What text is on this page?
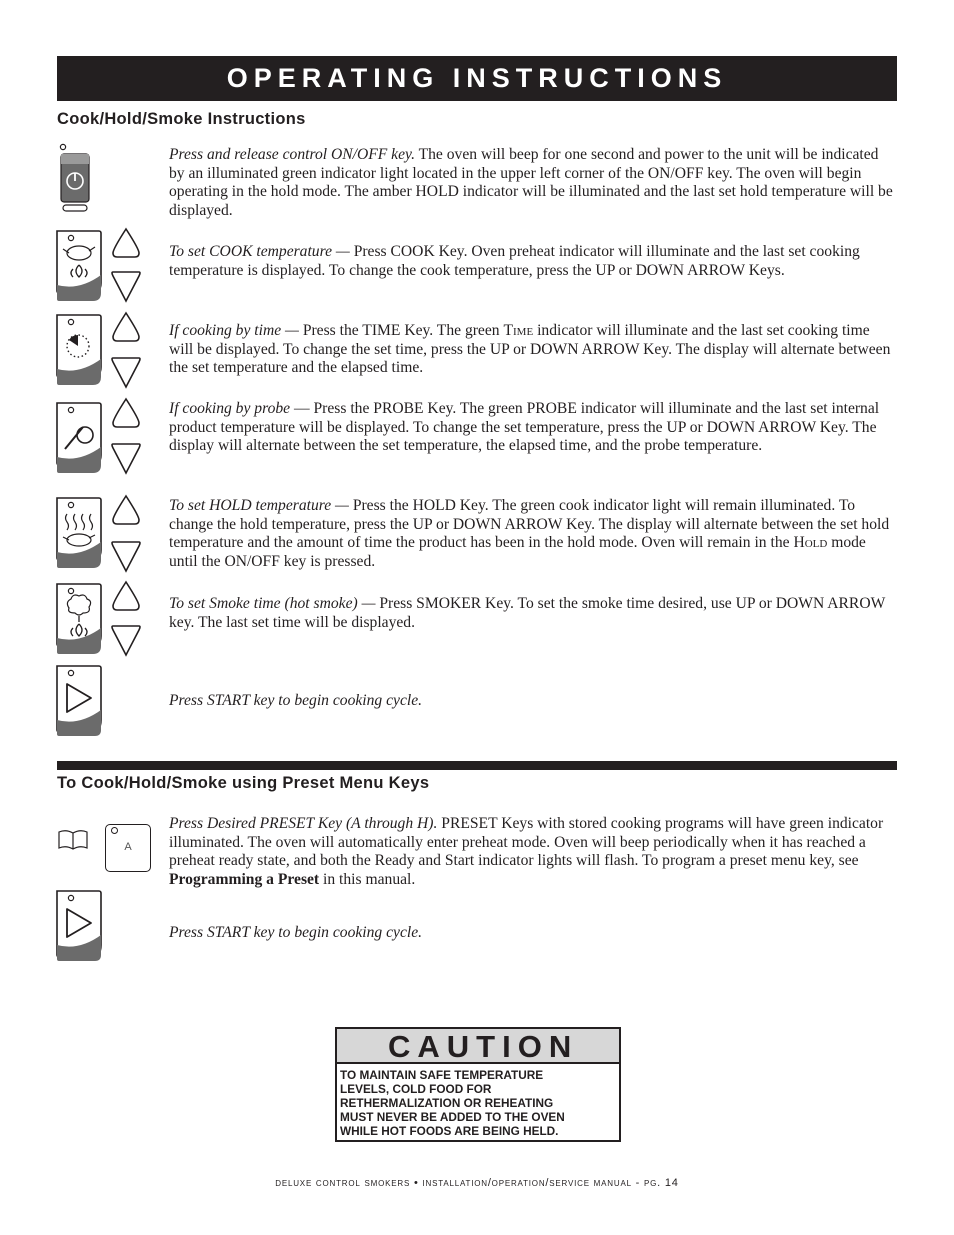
OPERATING INSTRUCTIONS
Cook/Hold/Smoke Instructions
Press and release control ON/OFF key. The oven will beep for one second and power to the unit will be indicated by an illuminated green indicator light located in the upper left corner of the ON/OFF key. The oven will begin operating in the hold mode. The amber HOLD indicator will be illuminated and the last set hold temperature will be displayed.
To set COOK temperature — Press COOK Key. Oven preheat indicator will illuminate and the last set cooking temperature is displayed. To change the cook temperature, press the UP or DOWN ARROW Keys.
If cooking by time — Press the TIME Key. The green Time indicator will illuminate and the last set cooking time will be displayed. To change the set time, press the UP or DOWN ARROW Key. The display will alternate between the set temperature and the elapsed time.
If cooking by probe — Press the PROBE Key. The green PROBE indicator will illuminate and the last set internal product temperature will be displayed. To change the set temperature, press the UP or DOWN ARROW Key. The display will alternate between the set temperature, the elapsed time, and the probe temperature.
To set HOLD temperature — Press the HOLD Key. The green cook indicator light will remain illuminated. To change the hold temperature, press the UP or DOWN ARROW Key. The display will alternate between the set hold temperature and the amount of time the product has been in the hold mode. Oven will remain in the Hold mode until the ON/OFF key is pressed.
To set Smoke time (hot smoke) — Press SMOKER Key. To set the smoke time desired, use UP or DOWN ARROW key. The last set time will be displayed.
Press START key to begin cooking cycle.
To Cook/Hold/Smoke using Preset Menu Keys
A
Press Desired PRESET Key (A through H). PRESET Keys with stored cooking programs will have green indicator illuminated. The oven will automatically enter preheat mode. Oven will beep periodically when it has reached a preheat ready state, and both the Ready and Start indicator lights will flash. To program a preset menu key, see Programming a Preset in this manual.
Press START key to begin cooking cycle.
CAUTION
TO MAINTAIN SAFE TEMPERATURE
LEVELS, COLD FOOD FOR
RETHERMALIZATION OR REHEATING
MUST NEVER BE ADDED TO THE OVEN
WHILE HOT FOODS ARE BEING HELD.
deluxe control smokers • installation/operation/service manual - pg. 14
